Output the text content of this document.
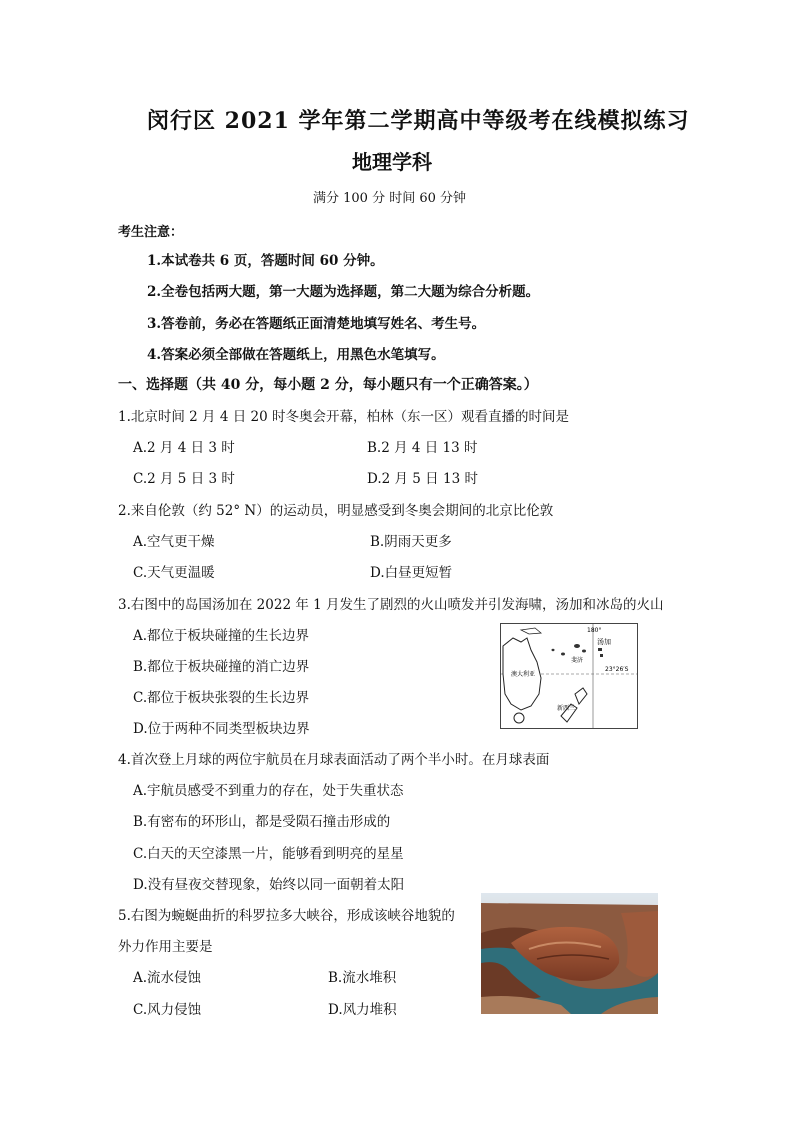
闵行区 2021 学年第二学期高中等级考在线模拟练习
地理学科
满分 100 分 时间 60 分钟
考生注意：
1.本试卷共 6 页，答题时间 60 分钟。
2.全卷包括两大题，第一大题为选择题，第二大题为综合分析题。
3.答卷前，务必在答题纸正面清楚地填写姓名、考生号。
4.答案必须全部做在答题纸上，用黑色水笔填写。
一、选择题（共 40 分，每小题 2 分，每小题只有一个正确答案。）
1.北京时间 2 月 4 日 20 时冬奥会开幕，柏林（东一区）观看直播的时间是
A.2 月 4 日 3 时	B.2 月 4 日 13 时
C.2 月 5 日 3 时	D.2 月 5 日 13 时
2.来自伦敦（约 52° N）的运动员，明显感受到冬奥会期间的北京比伦敦
A.空气更干燥	B.阴雨天更多
C.天气更温暖	D.白昼更短暂
3.右图中的岛国汤加在 2022 年 1 月发生了剧烈的火山喷发并引发海啸，汤加和冰岛的火山
A.都位于板块碰撞的生长边界
B.都位于板块碰撞的消亡边界
C.都位于板块张裂的生长边界
D.位于两种不同类型板块边界
180°
汤加
斐济
23°26′S
澳大利亚
新西兰
4.首次登上月球的两位宇航员在月球表面活动了两个半小时。在月球表面
A.宇航员感受不到重力的存在，处于失重状态
B.有密布的环形山，都是受陨石撞击形成的
C.白天的天空漆黑一片，能够看到明亮的星星
D.没有昼夜交替现象，始终以同一面朝着太阳
5.右图为蜿蜒曲折的科罗拉多大峡谷，形成该峡谷地貌的
外力作用主要是
A.流水侵蚀	B.流水堆积
C.风力侵蚀	D.风力堆积
